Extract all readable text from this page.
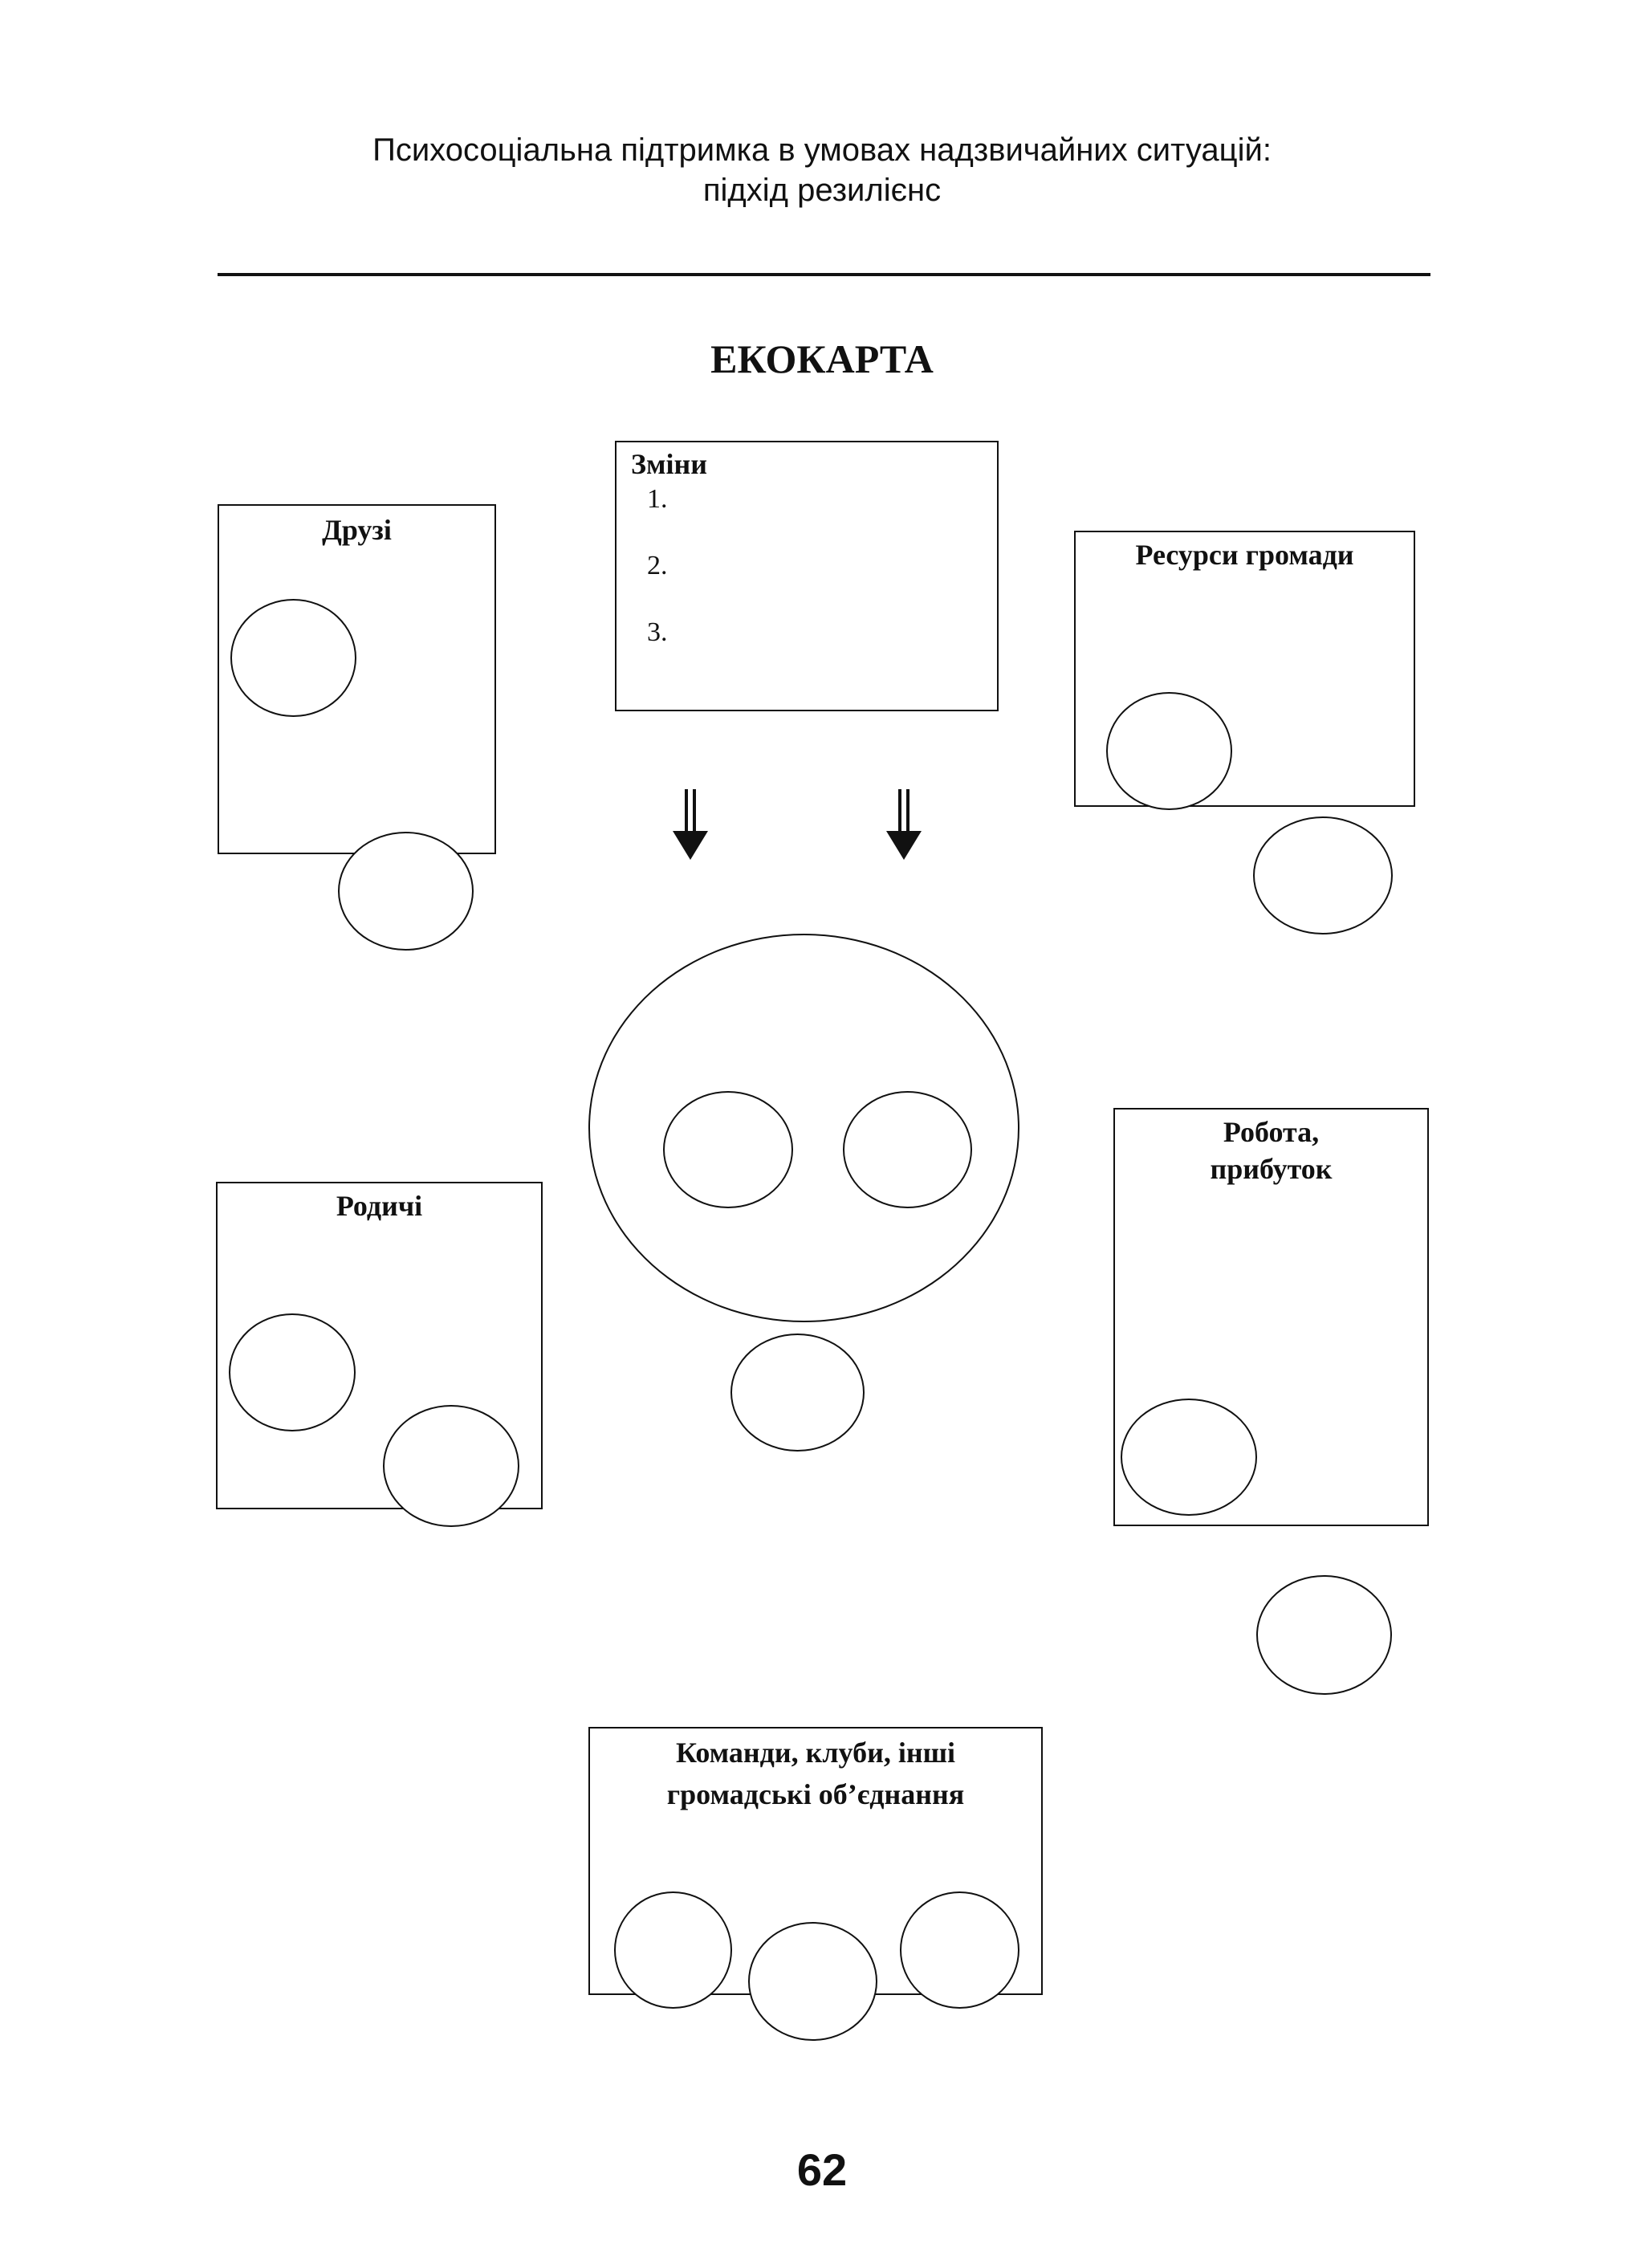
Психосоціальна підтримка в умовах надзвичайних ситуацій:
підхід резилієнс
ЕКОКАРТА
Друзі
Зміни
1.
2.
3.
Ресурси громади
Родичі
Робота,
прибуток
Команди, клуби, інші
громадські об’єднання
62
